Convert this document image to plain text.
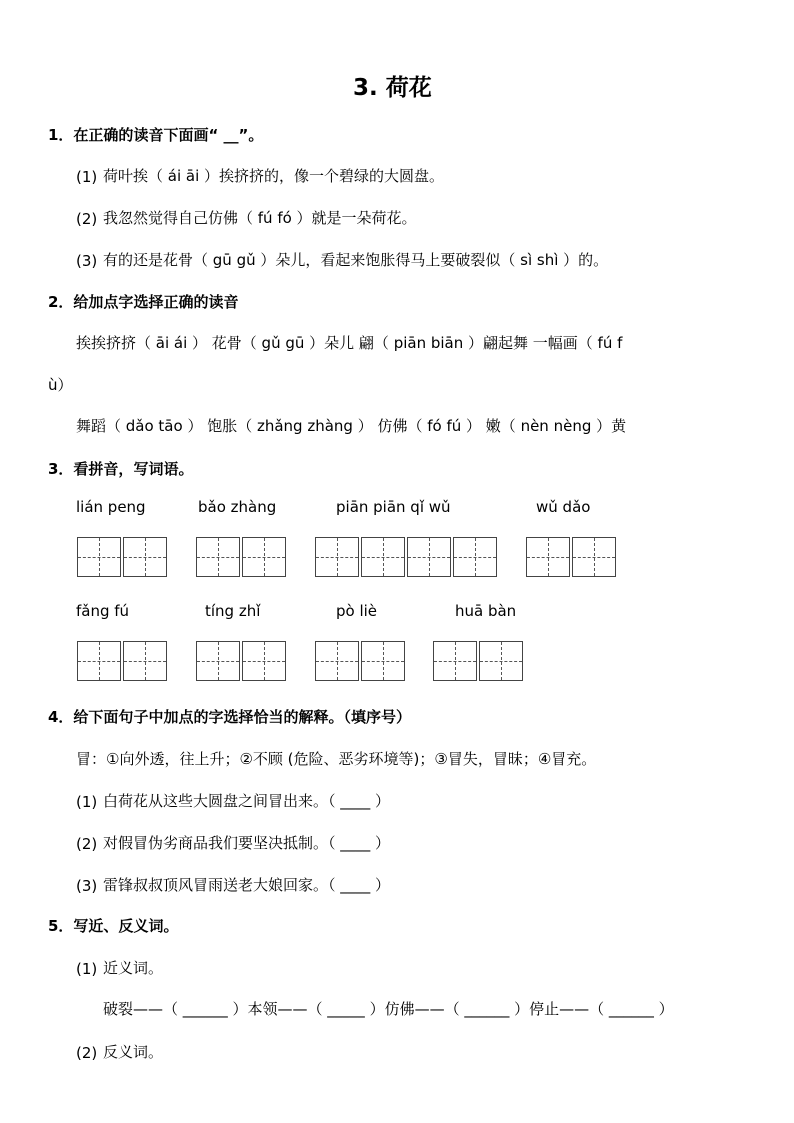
3. 荷花
1．在正确的读音下面画“ __”。
(1) 荷叶挨（ ái āi ）挨挤挤的，像一个碧绿的大圆盘。
(2) 我忽然觉得自己仿佛（ fú fó ）就是一朵荷花。
(3) 有的还是花骨（ gū gǔ ）朵儿，看起来饱胀得马上要破裂似（ sì shì ）的。
2．给加点字选择正确的读音
挨挨挤挤（ āi ái ） 花骨（ gǔ gū ）朵儿 翩（ piān biān ）翩起舞 一幅画（ fú f
ù）
舞蹈（ dǎo tāo ） 饱胀（ zhǎng zhàng ） 仿佛（ fó fú ） 嫩（ nèn nèng ）黄
3．看拼音，写词语。
lián peng	bǎo zhàng	piān piān qǐ wǔ	wǔ dǎo
fǎng fú	tíng zhǐ	pò liè	huā bàn
4．给下面句子中加点的字选择恰当的解释。（填序号）
冒：①向外透，往上升；②不顾 (危险、恶劣环境等)；③冒失，冒昧；④冒充。
(1) 白荷花从这些大圆盘之间冒出来。（ ____ ）
(2) 对假冒伪劣商品我们要坚决抵制。（ ____ ）
(3) 雷锋叔叔顶风冒雨送老大娘回家。（ ____ ）
5．写近、反义词。
(1) 近义词。
破裂——（ ______ ）本领——（ _____ ）仿佛——（ ______ ）停止——（ ______ ）
(2) 反义词。
